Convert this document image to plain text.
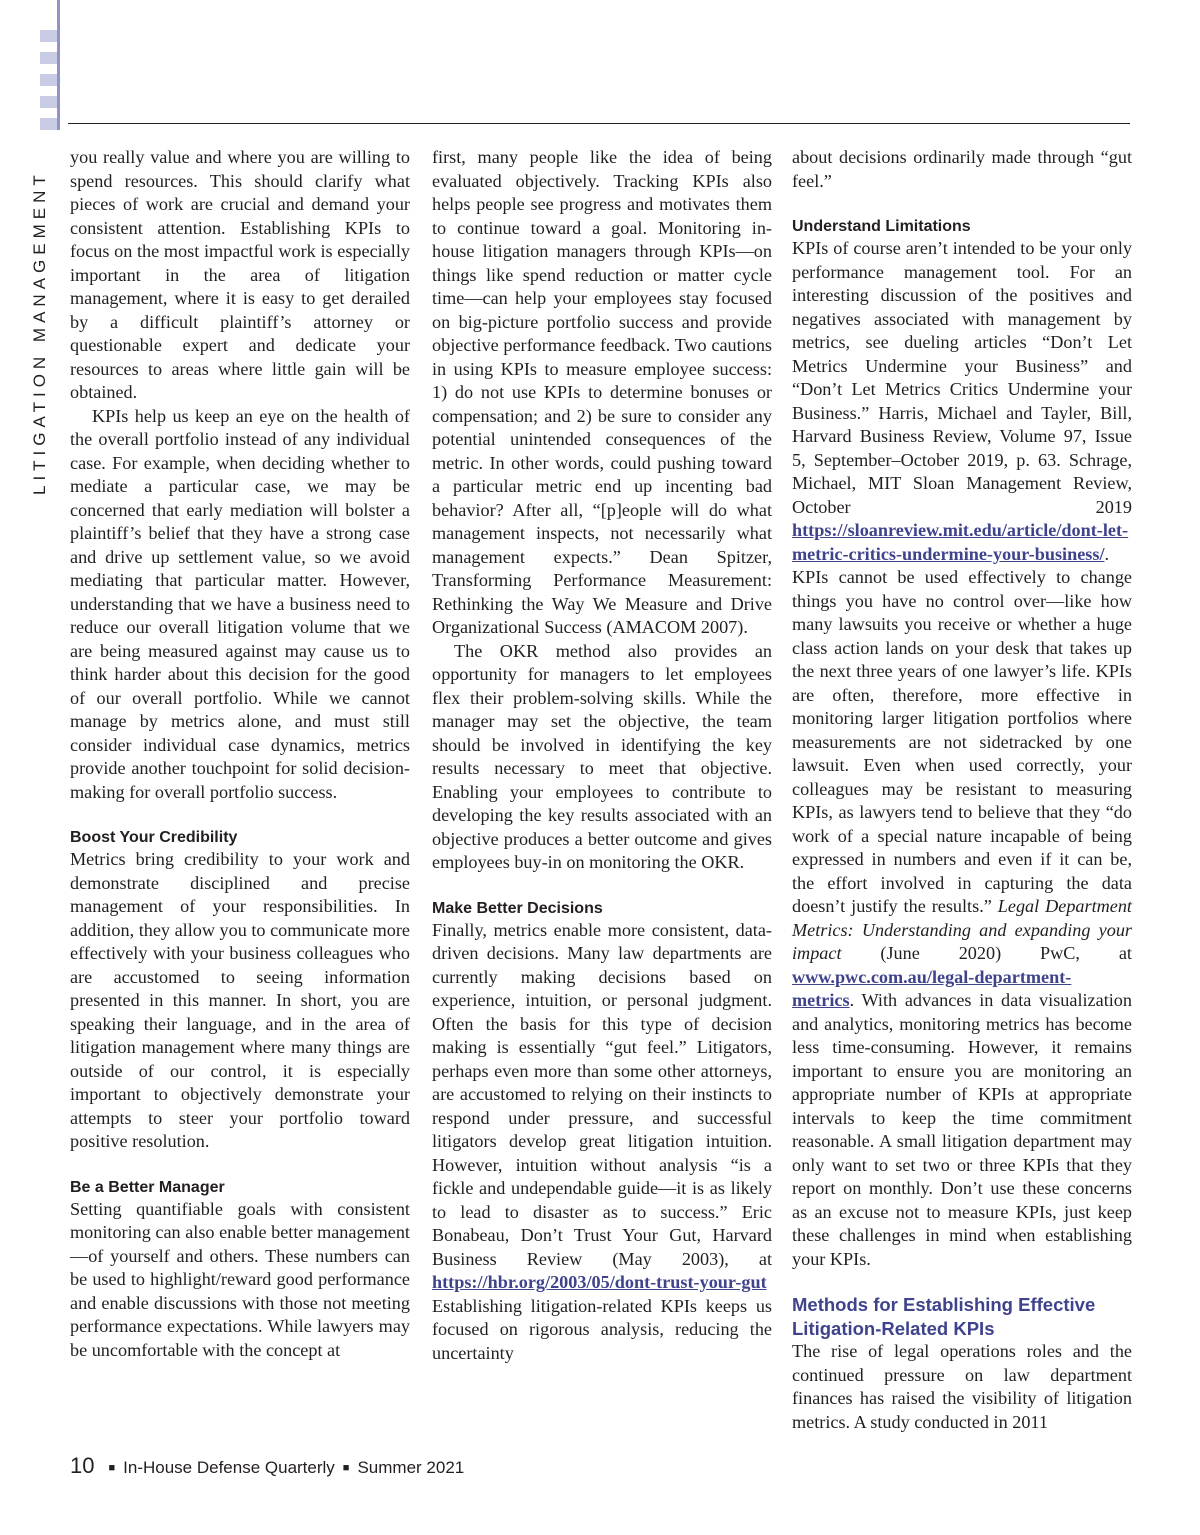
LITIGATION MANAGEMENT

you really value and where you are willing to spend resources. This should clarify what pieces of work are crucial and demand your consistent attention. Establishing KPIs to focus on the most impactful work is especially important in the area of litigation management, where it is easy to get derailed by a difficult plaintiff’s attorney or questionable expert and dedicate your resources to areas where little gain will be obtained.

KPIs help us keep an eye on the health of the overall portfolio instead of any individual case. For example, when deciding whether to mediate a particular case, we may be concerned that early mediation will bolster a plaintiff’s belief that they have a strong case and drive up settlement value, so we avoid mediating that particular matter. However, understanding that we have a business need to reduce our overall litigation volume that we are being measured against may cause us to think harder about this decision for the good of our overall portfolio. While we cannot manage by metrics alone, and must still consider individual case dynamics, metrics provide another touchpoint for solid decision-making for overall portfolio success.

Boost Your Credibility

Metrics bring credibility to your work and demonstrate disciplined and precise management of your responsibilities. In addition, they allow you to communicate more effectively with your business colleagues who are accustomed to seeing information presented in this manner. In short, you are speaking their language, and in the area of litigation management where many things are outside of our control, it is especially important to objectively demonstrate your attempts to steer your portfolio toward positive resolution.

Be a Better Manager

Setting quantifiable goals with consistent monitoring can also enable better management—of yourself and others. These numbers can be used to highlight/reward good performance and enable discussions with those not meeting performance expectations. While lawyers may be uncomfortable with the concept at

first, many people like the idea of being evaluated objectively. Tracking KPIs also helps people see progress and motivates them to continue toward a goal. Monitoring in-house litigation managers through KPIs—on things like spend reduction or matter cycle time—can help your employees stay focused on big-picture portfolio success and provide objective performance feedback. Two cautions in using KPIs to measure employee success: 1) do not use KPIs to determine bonuses or compensation; and 2) be sure to consider any potential unintended consequences of the metric. In other words, could pushing toward a particular metric end up incenting bad behavior? After all, “[p]eople will do what management inspects, not necessarily what management expects.” Dean Spitzer, Transforming Performance Measurement: Rethinking the Way We Measure and Drive Organizational Success (AMACOM 2007).

The OKR method also provides an opportunity for managers to let employees flex their problem-solving skills. While the manager may set the objective, the team should be involved in identifying the key results necessary to meet that objective. Enabling your employees to contribute to developing the key results associated with an objective produces a better outcome and gives employees buy-in on monitoring the OKR.

Make Better Decisions

Finally, metrics enable more consistent, data-driven decisions. Many law departments are currently making decisions based on experience, intuition, or personal judgment. Often the basis for this type of decision making is essentially “gut feel.” Litigators, perhaps even more than some other attorneys, are accustomed to relying on their instincts to respond under pressure, and successful litigators develop great litigation intuition. However, intuition without analysis “is a fickle and undependable guide—it is as likely to lead to disaster as to success.” Eric Bonabeau, Don’t Trust Your Gut, Harvard Business Review (May 2003), at https://hbr.org/2003/05/dont-trust-your-gut Establishing litigation-related KPIs keeps us focused on rigorous analysis, reducing the uncertainty

about decisions ordinarily made through “gut feel.”

Understand Limitations

KPIs of course aren’t intended to be your only performance management tool. For an interesting discussion of the positives and negatives associated with management by metrics, see dueling articles “Don’t Let Metrics Undermine your Business” and “Don’t Let Metrics Critics Undermine your Business.” Harris, Michael and Tayler, Bill, Harvard Business Review, Volume 97, Issue 5, September–October 2019, p. 63. Schrage, Michael, MIT Sloan Management Review, October 2019 https://sloanreview.mit.edu/article/dont-let-metric-critics-undermine-your-business/. KPIs cannot be used effectively to change things you have no control over—like how many lawsuits you receive or whether a huge class action lands on your desk that takes up the next three years of one lawyer’s life. KPIs are often, therefore, more effective in monitoring larger litigation portfolios where measurements are not sidetracked by one lawsuit. Even when used correctly, your colleagues may be resistant to measuring KPIs, as lawyers tend to believe that they “do work of a special nature incapable of being expressed in numbers and even if it can be, the effort involved in capturing the data doesn’t justify the results.” Legal Department Metrics: Understanding and expanding your impact (June 2020) PwC, at www.pwc.com.au/legal-department-metrics. With advances in data visualization and analytics, monitoring metrics has become less time-consuming. However, it remains important to ensure you are monitoring an appropriate number of KPIs at appropriate intervals to keep the time commitment reasonable. A small litigation department may only want to set two or three KPIs that they report on monthly. Don’t use these concerns as an excuse not to measure KPIs, just keep these challenges in mind when establishing your KPIs.

Methods for Establishing Effective Litigation-Related KPIs

The rise of legal operations roles and the continued pressure on law department finances has raised the visibility of litigation metrics. A study conducted in 2011

10 ■ In-House Defense Quarterly ■ Summer 2021
